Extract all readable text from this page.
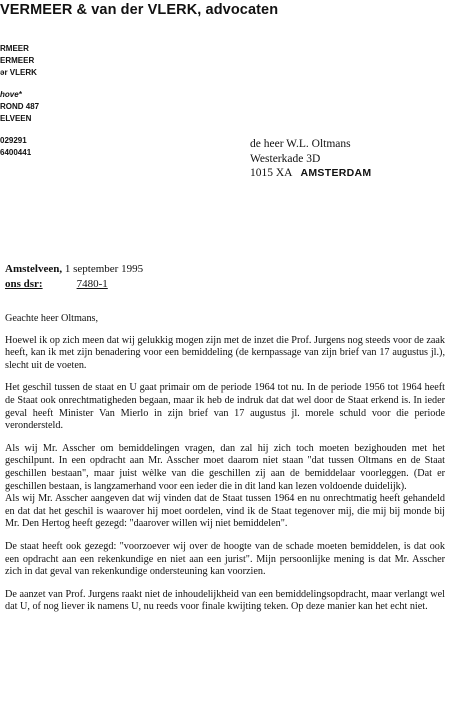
VERMEER & van der VLERK, advocaten
RMEER
ERMEER
ər VLERK
hove*
ROND 487
ELVEEN
029291
6400441
de heer W.L. Oltmans
Westerkade 3D
1015 XA AMSTERDAM
Amstelveen, 1 september 1995
ons dsr:	7480-1

Geachte heer Oltmans,

Hoewel ik op zich meen dat wij gelukkig mogen zijn met de inzet die Prof. Jurgens nog steeds voor de zaak heeft, kan ik met zijn benadering voor een bemiddeling (de kernpassage van zijn brief van 17 augustus jl.), slecht uit de voeten.

Het geschil tussen de staat en U gaat primair om de periode 1964 tot nu. In de periode 1956 tot 1964 heeft de Staat ook onrechtmatigheden begaan, maar ik heb de indruk dat dat wel door de Staat erkend is. In ieder geval heeft Minister Van Mierlo in zijn brief van 17 augustus jl. morele schuld voor die periode verondersteld.

Als wij Mr. Asscher om bemiddelingen vragen, dan zal hij zich toch moeten bezighouden met het geschilpunt. In een opdracht aan Mr. Asscher moet daarom niet staan "dat tussen Oltmans en de Staat geschillen bestaan", maar juist wèlke van die geschillen zij aan de bemiddelaar voorleggen. (Dat er geschillen bestaan, is langzamerhand voor een ieder die in dit land kan lezen voldoende duidelijk).

Als wij Mr. Asscher aangeven dat wij vinden dat de Staat tussen 1964 en nu onrechtmatig heeft gehandeld en dat dat het geschil is waarover hij moet oordelen, vind ik de Staat tegenover mij, die mij bij monde bij Mr. Den Hertog heeft gezegd: "daarover willen wij niet bemiddelen".

De staat heeft ook gezegd: "voorzoever wij over de hoogte van de schade moeten bemiddelen, is dat ook een opdracht aan een rekenkundige en niet aan een jurist". Mijn persoonlijke mening is dat Mr. Asscher zich in dat geval van rekenkundige ondersteuning kan voorzien.

De aanzet van Prof. Jurgens raakt niet de inhoudelijkheid van een bemiddelingsopdracht, maar verlangt wel dat U, of nog liever ik namens U, nu reeds voor finale kwijting teken. Op deze manier kan het echt niet.
